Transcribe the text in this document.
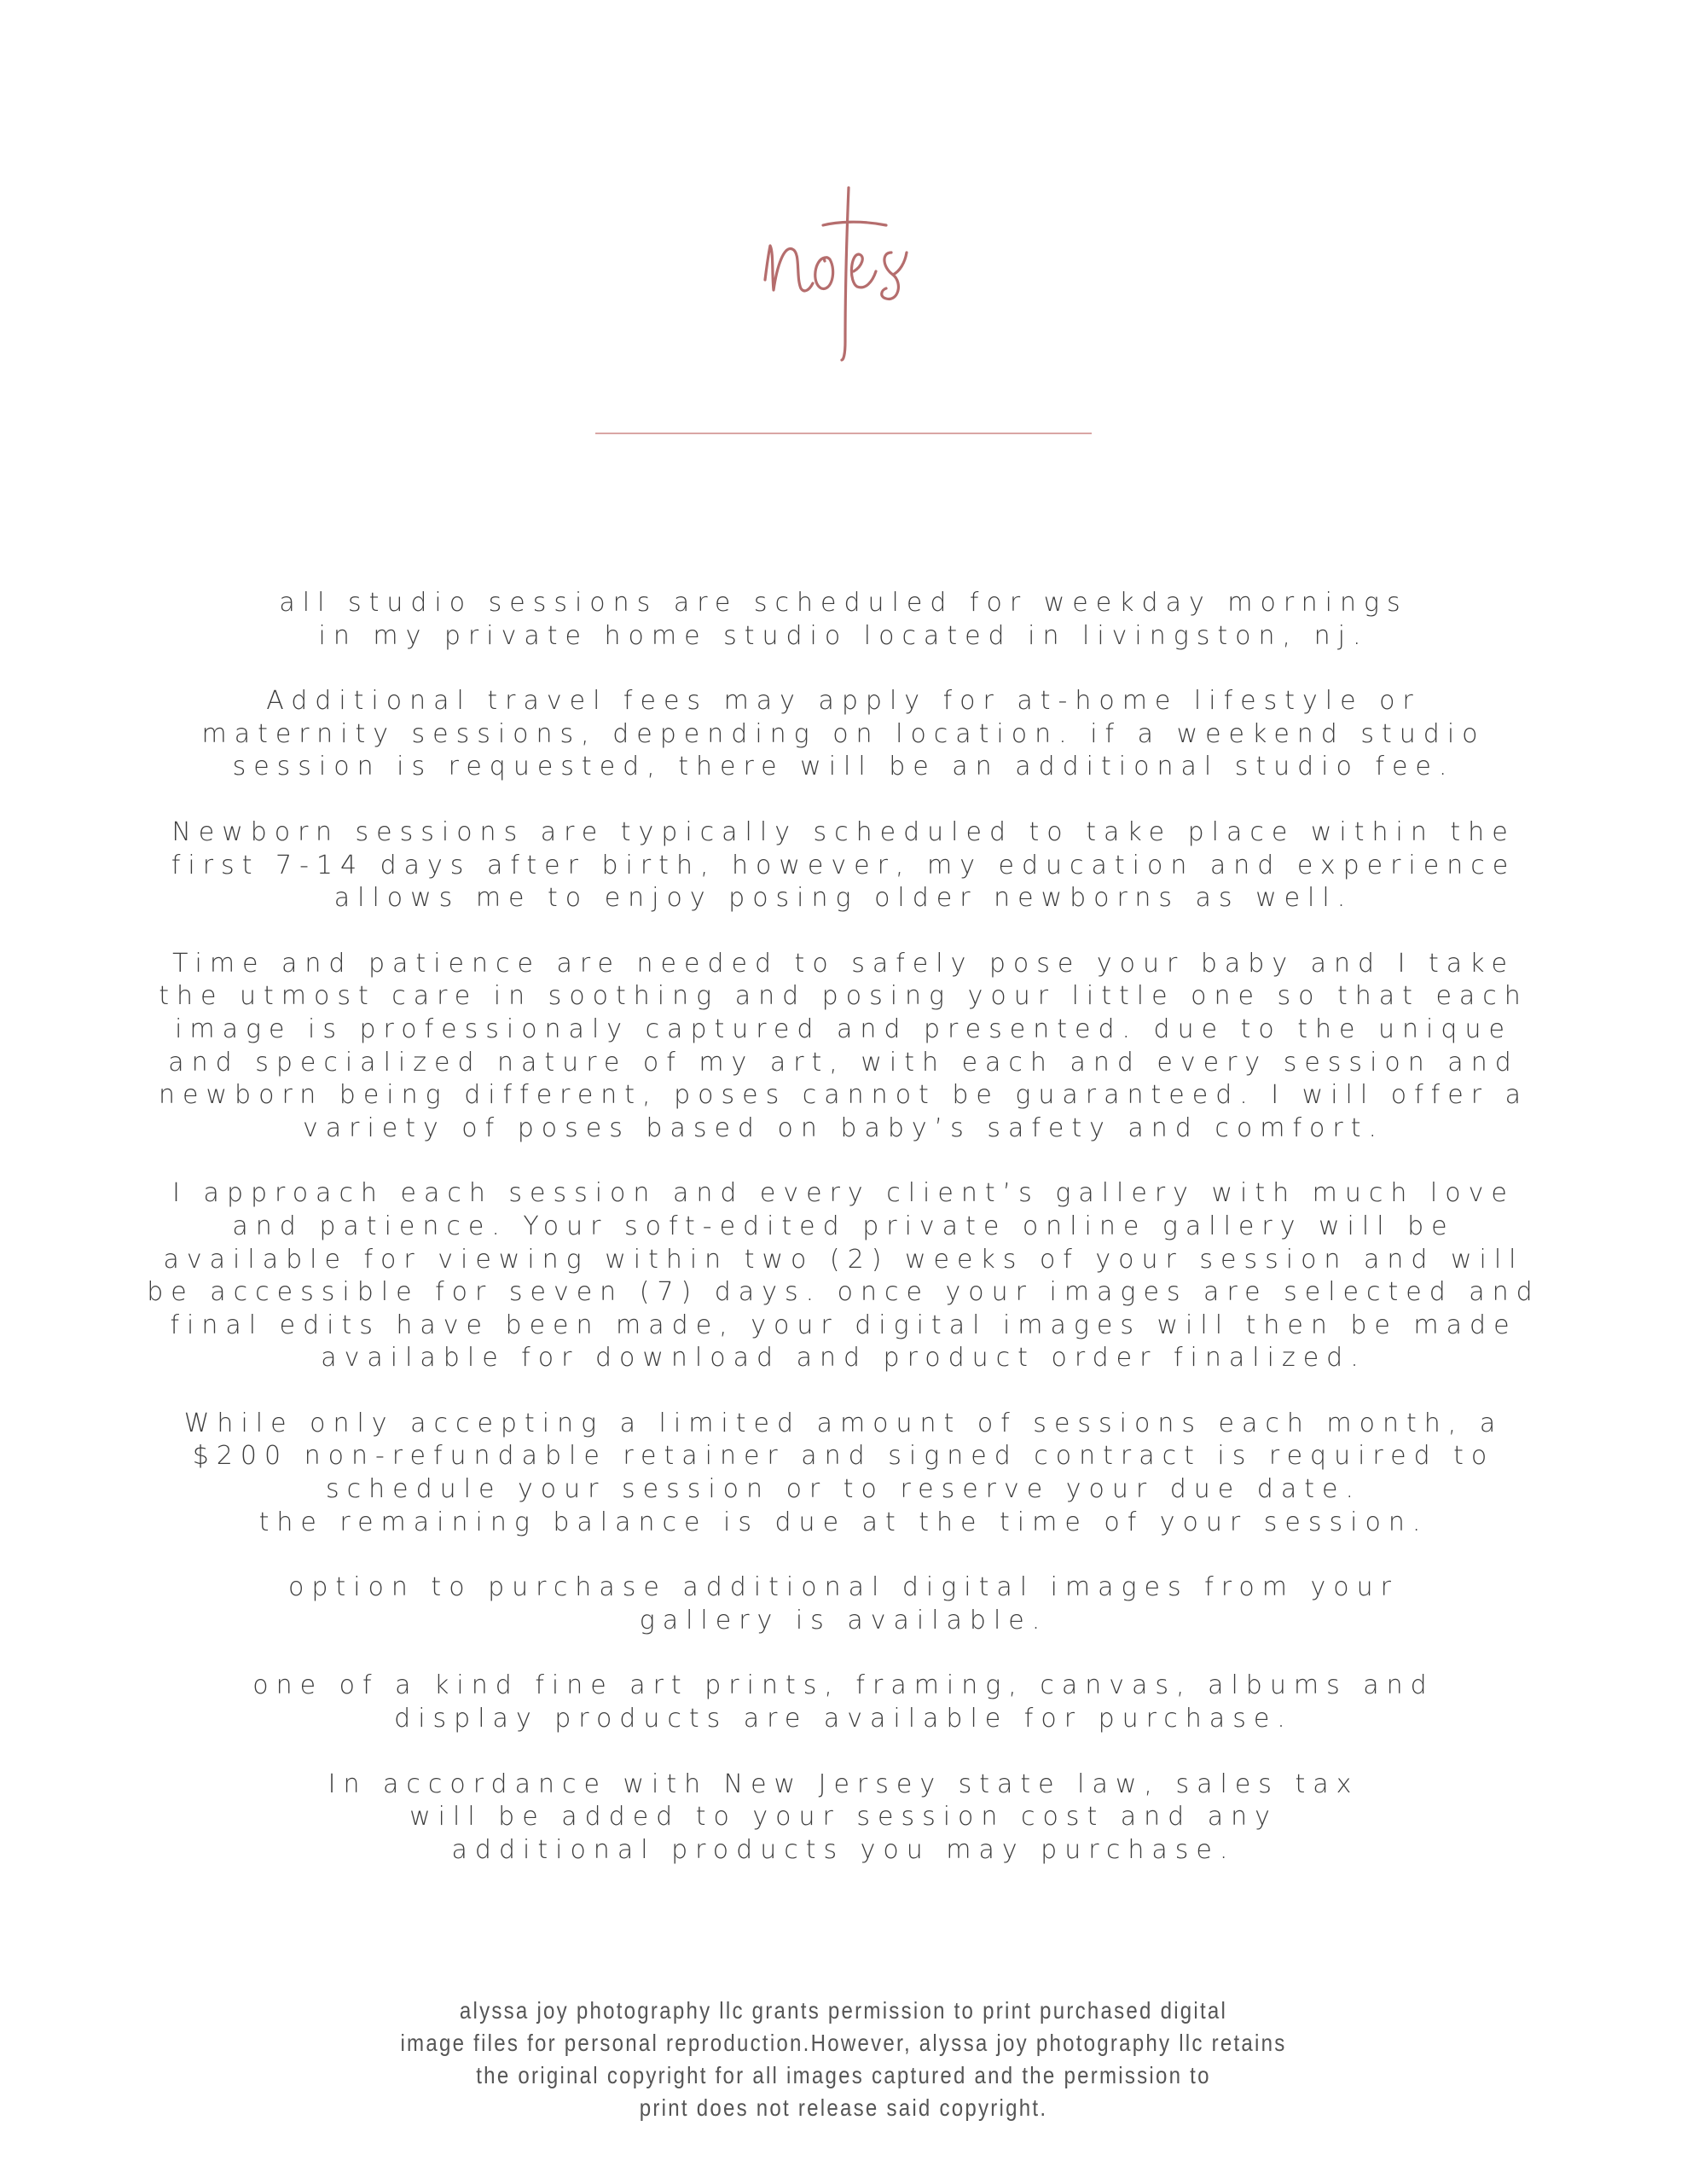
notes

all studio sessions are scheduled for weekday mornings
in my private home studio located in livingston, nj.

Additional travel fees may apply for at-home lifestyle or
maternity sessions, depending on location. if a weekend studio
session is requested, there will be an additional studio fee.

Newborn sessions are typically scheduled to take place within the
first 7-14 days after birth, however, my education and experience
allows me to enjoy posing older newborns as well.

Time and patience are needed to safely pose your baby and I take
the utmost care in soothing and posing your little one so that each
image is professionaly captured and presented. due to the unique
and specialized nature of my art, with each and every session and
newborn being different, poses cannot be guaranteed. I will offer a
variety of poses based on baby’s safety and comfort.

I approach each session and every client’s gallery with much love
and patience. Your soft-edited private online gallery will be
available for viewing within two (2) weeks of your session and will
be accessible for seven (7) days. once your images are selected and
final edits have been made, your digital images will then be made
available for download and product order finalized.

While only accepting a limited amount of sessions each month, a
$200 non-refundable retainer and signed contract is required to
schedule your session or to reserve your due date.
the remaining balance is due at the time of your session.

option to purchase additional digital images from your
gallery is available.

one of a kind fine art prints, framing, canvas, albums and
display products are available for purchase.

In accordance with New Jersey state law, sales tax
will be added to your session cost and any
additional products you may purchase.

alyssa joy photography llc grants permission to print purchased digital
image files for personal reproduction.However, alyssa joy photography llc retains
the original copyright for all images captured and the permission to
print does not release said copyright.
